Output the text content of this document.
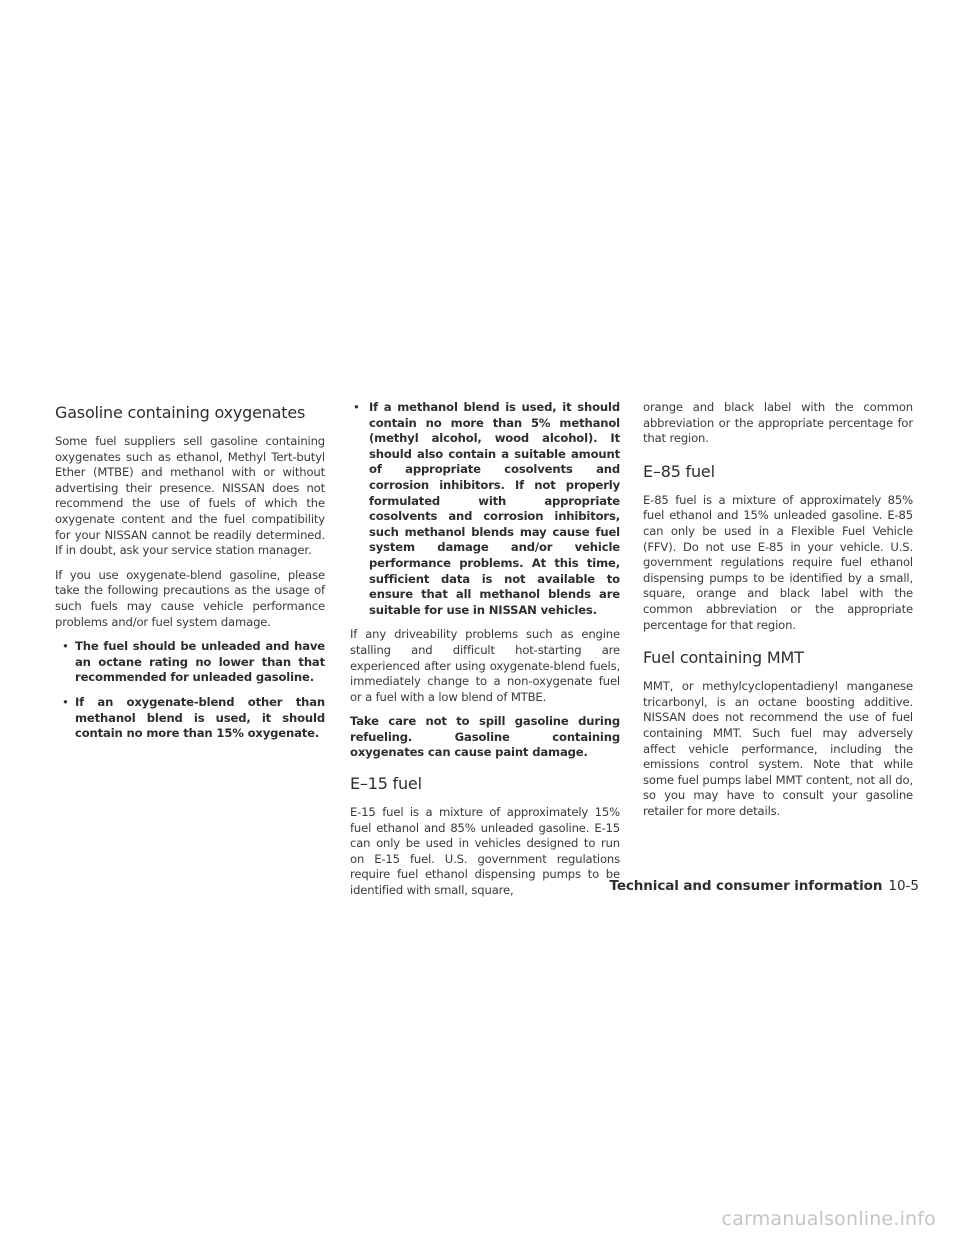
Gasoline containing oxygenates

Some fuel suppliers sell gasoline containing oxygenates such as ethanol, Methyl Tert-butyl Ether (MTBE) and methanol with or without advertising their presence. NISSAN does not recommend the use of fuels of which the oxygenate content and the fuel compatibility for your NISSAN cannot be readily determined. If in doubt, ask your service station manager.

If you use oxygenate-blend gasoline, please take the following precautions as the usage of such fuels may cause vehicle performance problems and/or fuel system damage.

• The fuel should be unleaded and have an octane rating no lower than that recommended for unleaded gasoline.
• If an oxygenate-blend other than methanol blend is used, it should contain no more than 15% oxygenate.
• If a methanol blend is used, it should contain no more than 5% methanol (methyl alcohol, wood alcohol). It should also contain a suitable amount of appropriate cosolvents and corrosion inhibitors. If not properly formulated with appropriate cosolvents and corrosion inhibitors, such methanol blends may cause fuel system damage and/or vehicle performance problems. At this time, sufficient data is not available to ensure that all methanol blends are suitable for use in NISSAN vehicles.

If any driveability problems such as engine stalling and difficult hot-starting are experienced after using oxygenate-blend fuels, immediately change to a non-oxygenate fuel or a fuel with a low blend of MTBE.

Take care not to spill gasoline during refueling. Gasoline containing oxygenates can cause paint damage.

E–15 fuel

E-15 fuel is a mixture of approximately 15% fuel ethanol and 85% unleaded gasoline. E-15 can only be used in vehicles designed to run on E-15 fuel. U.S. government regulations require fuel ethanol dispensing pumps to be identified with small, square,

orange and black label with the common abbreviation or the appropriate percentage for that region.

E–85 fuel

E-85 fuel is a mixture of approximately 85% fuel ethanol and 15% unleaded gasoline. E-85 can only be used in a Flexible Fuel Vehicle (FFV). Do not use E-85 in your vehicle. U.S. government regulations require fuel ethanol dispensing pumps to be identified by a small, square, orange and black label with the common abbreviation or the appropriate percentage for that region.

Fuel containing MMT

MMT, or methylcyclopentadienyl manganese tricarbonyl, is an octane boosting additive. NISSAN does not recommend the use of fuel containing MMT. Such fuel may adversely affect vehicle performance, including the emissions control system. Note that while some fuel pumps label MMT content, not all do, so you may have to consult your gasoline retailer for more details.

Technical and consumer information 10-5
carmanualsonline.info
